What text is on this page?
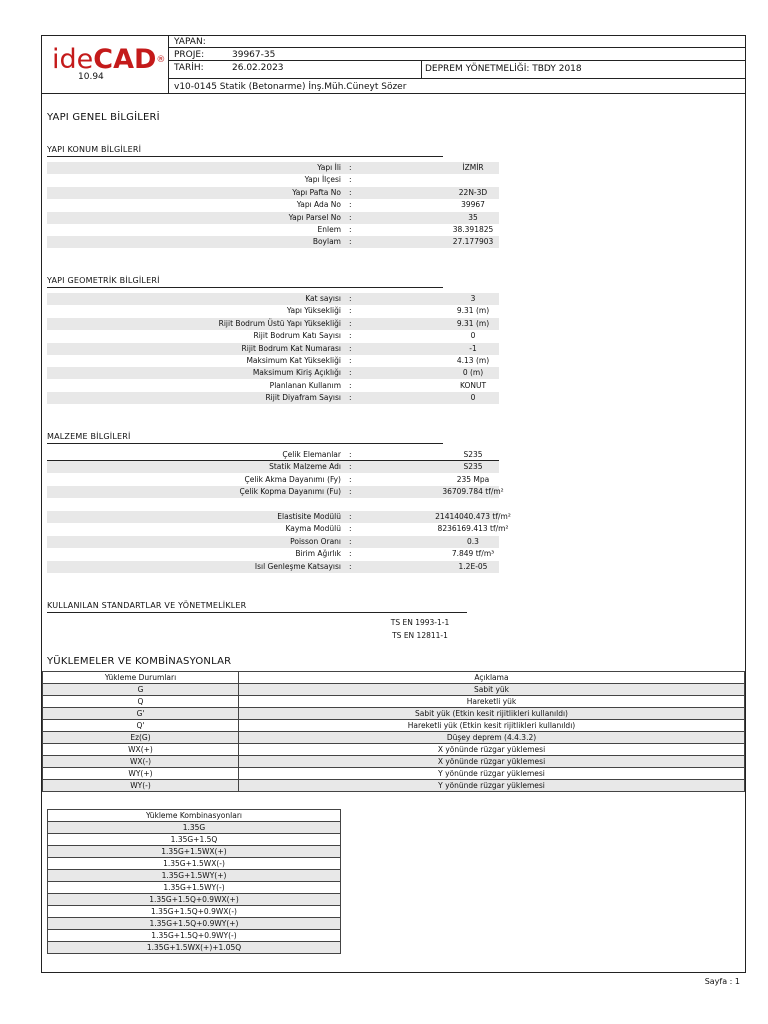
ideCAD®
10.94
YAPAN:
PROJE:	39967-35
TARİH:	26.02.2023	DEPREM YÖNETMELİĞİ: TBDY 2018
v10-0145 Statik (Betonarme) İnş.Müh.Cüneyt Sözer
YAPI GENEL BİLGİLERİ
YAPI KONUM BİLGİLERİ
Yapı İli :	İZMİR
Yapı İlçesi :
Yapı Pafta No :	22N-3D
Yapı Ada No :	39967
Yapı Parsel No :	35
Enlem :	38.391825
Boylam :	27.177903
YAPI GEOMETRİK BİLGİLERİ
Kat sayısı :	3
Yapı Yüksekliği :	9.31 (m)
Rijit Bodrum Üstü Yapı Yüksekliği :	9.31 (m)
Rijit Bodrum Katı Sayısı :	0
Rijit Bodrum Kat Numarası :	-1
Maksimum Kat Yüksekliği :	4.13 (m)
Maksimum Kiriş Açıklığı :	0 (m)
Planlanan Kullanım :	KONUT
Rijit Diyafram Sayısı :	0
MALZEME BİLGİLERİ
Çelik Elemanlar :	S235
Statik Malzeme Adı :	S235
Çelik Akma Dayanımı (Fy) :	235 Mpa
Çelik Kopma Dayanımı (Fu) :	36709.784 tf/m²
Elastisite Modülü :	21414040.473 tf/m²
Kayma Modülü :	8236169.413 tf/m²
Poisson Oranı :	0.3
Birim Ağırlık :	7.849 tf/m³
Isıl Genleşme Katsayısı :	1.2E-05
KULLANILAN STANDARTLAR VE YÖNETMELİKLER
TS EN 1993-1-1
TS EN 12811-1
YÜKLEMELER VE KOMBİNASYONLAR
Yükleme Durumları	Açıklama
G	Sabit yük
Q	Hareketli yük
G'	Sabit yük (Etkin kesit rijitlikleri kullanıldı)
Q'	Hareketli yük (Etkin kesit rijitlikleri kullanıldı)
Ez(G)	Düşey deprem (4.4.3.2)
WX(+)	X yönünde rüzgar yüklemesi
WX(-)	X yönünde rüzgar yüklemesi
WY(+)	Y yönünde rüzgar yüklemesi
WY(-)	Y yönünde rüzgar yüklemesi
Yükleme Kombinasyonları
1.35G
1.35G+1.5Q
1.35G+1.5WX(+)
1.35G+1.5WX(-)
1.35G+1.5WY(+)
1.35G+1.5WY(-)
1.35G+1.5Q+0.9WX(+)
1.35G+1.5Q+0.9WX(-)
1.35G+1.5Q+0.9WY(+)
1.35G+1.5Q+0.9WY(-)
1.35G+1.5WX(+)+1.05Q
Sayfa : 1
